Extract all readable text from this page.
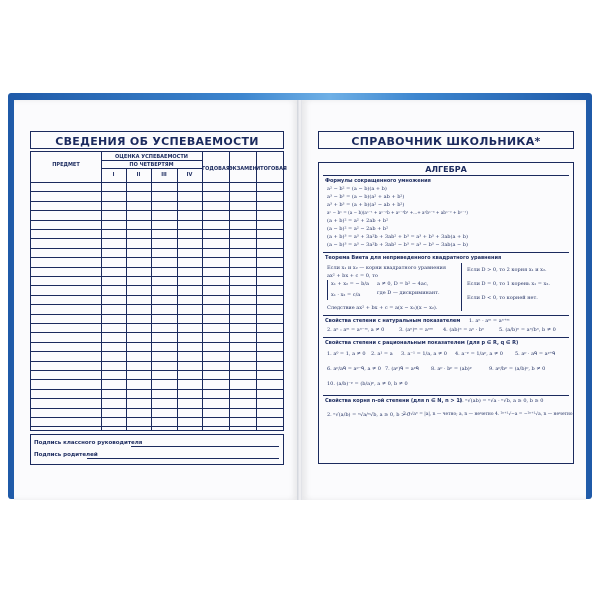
СВЕДЕНИЯ ОБ УСПЕВАЕМОСТИ
ПРЕДМЕТ
ОЦЕНКА УСПЕВАЕМОСТИ
ПО ЧЕТВЕРТЯМ
I	II	III	IV
ГОДОВАЯ ЭКЗАМЕН ИТОГОВАЯ
Подпись классного руководителя
Подпись родителей
СПРАВОЧНИК ШКОЛЬНИКА*
АЛГЕБРА
Формулы сокращенного умножения
a² − b² = (a − b)(a + b)
a³ − b³ = (a − b)(a² + ab + b²)
a³ + b³ = (a + b)(a² − ab + b²)
aⁿ − bⁿ = (a − b)(aⁿ⁻¹ + aⁿ⁻²b + aⁿ⁻³b² +...+ a²bⁿ⁻³ + abⁿ⁻² + bⁿ⁻¹)
(a + b)² = a² + 2ab + b²
(a − b)² = a² − 2ab + b²
(a + b)³ = a³ + 3a²b + 3ab² + b³ = a³ + b³ + 3ab(a + b)
(a − b)³ = a³ − 3a²b + 3ab² − b³ = a³ − b³ − 3ab(a − b)
Теорема Виета для неприведенного квадратного уравнения
Если x₁ и x₂ — корни квадратного уравнения
ax² + bx + c = 0, то
x₁ + x₂ = − b/a
x₁ · x₂ = c/a
a ≠ 0, D = b² − 4ac,
где D — дискриминант.
Следствие ax² + bx + c = a(x − x₁)(x − x₂).
Если D > 0, то 2 корня x₁ и x₂.
Если D = 0, то 1 корень x₁ = x₂.
Если D < 0, то корней нет.
Свойства степени с натуральным показателем 1. aⁿ · aᵐ = aⁿ⁺ᵐ
2. aⁿ : aᵐ = aⁿ⁻ᵐ, a ≠ 0	3. (aⁿ)ᵐ = aⁿᵐ 4. (ab)ⁿ = aⁿ · bⁿ	5. (a/b)ⁿ = aⁿ/bⁿ, b ≠ 0
Свойства степени с рациональным показателем (для p ∈ R, q ∈ R)
1. a⁰ = 1, a ≠ 0 2. a¹ = a 3. a⁻¹ = 1/a, a ≠ 0 4. a⁻ᵖ = 1/aᵖ, a ≠ 0 5. aᵖ · aᑫ = aᵖ⁺ᑫ
6. aᵖ/aᑫ = aᵖ⁻ᑫ, a ≠ 0 7. (aᵖ)ᑫ = aᵖᑫ 8. aᵖ · bᵖ = (ab)ᵖ	9. aᵖ/bᵖ = (a/b)ᵖ, b ≠ 0
10. (a/b)⁻ᵖ = (b/a)ᵖ, a ≠ 0, b ≠ 0
Свойства корня n-ой степени (для n ∈ N, n > 1)
1. ⁿ√(ab) = ⁿ√a · ⁿ√b, a ≥ 0, b ≥ 0
2. ⁿ√(a/b) = ⁿ√a/ⁿ√b, a ≥ 0, b > 0
3. ⁿ√aⁿ = |a|, n — четно; a, n — нечетно 4. ²ⁿ⁺¹√−a = −²ⁿ⁺¹√a, n — нечетно
